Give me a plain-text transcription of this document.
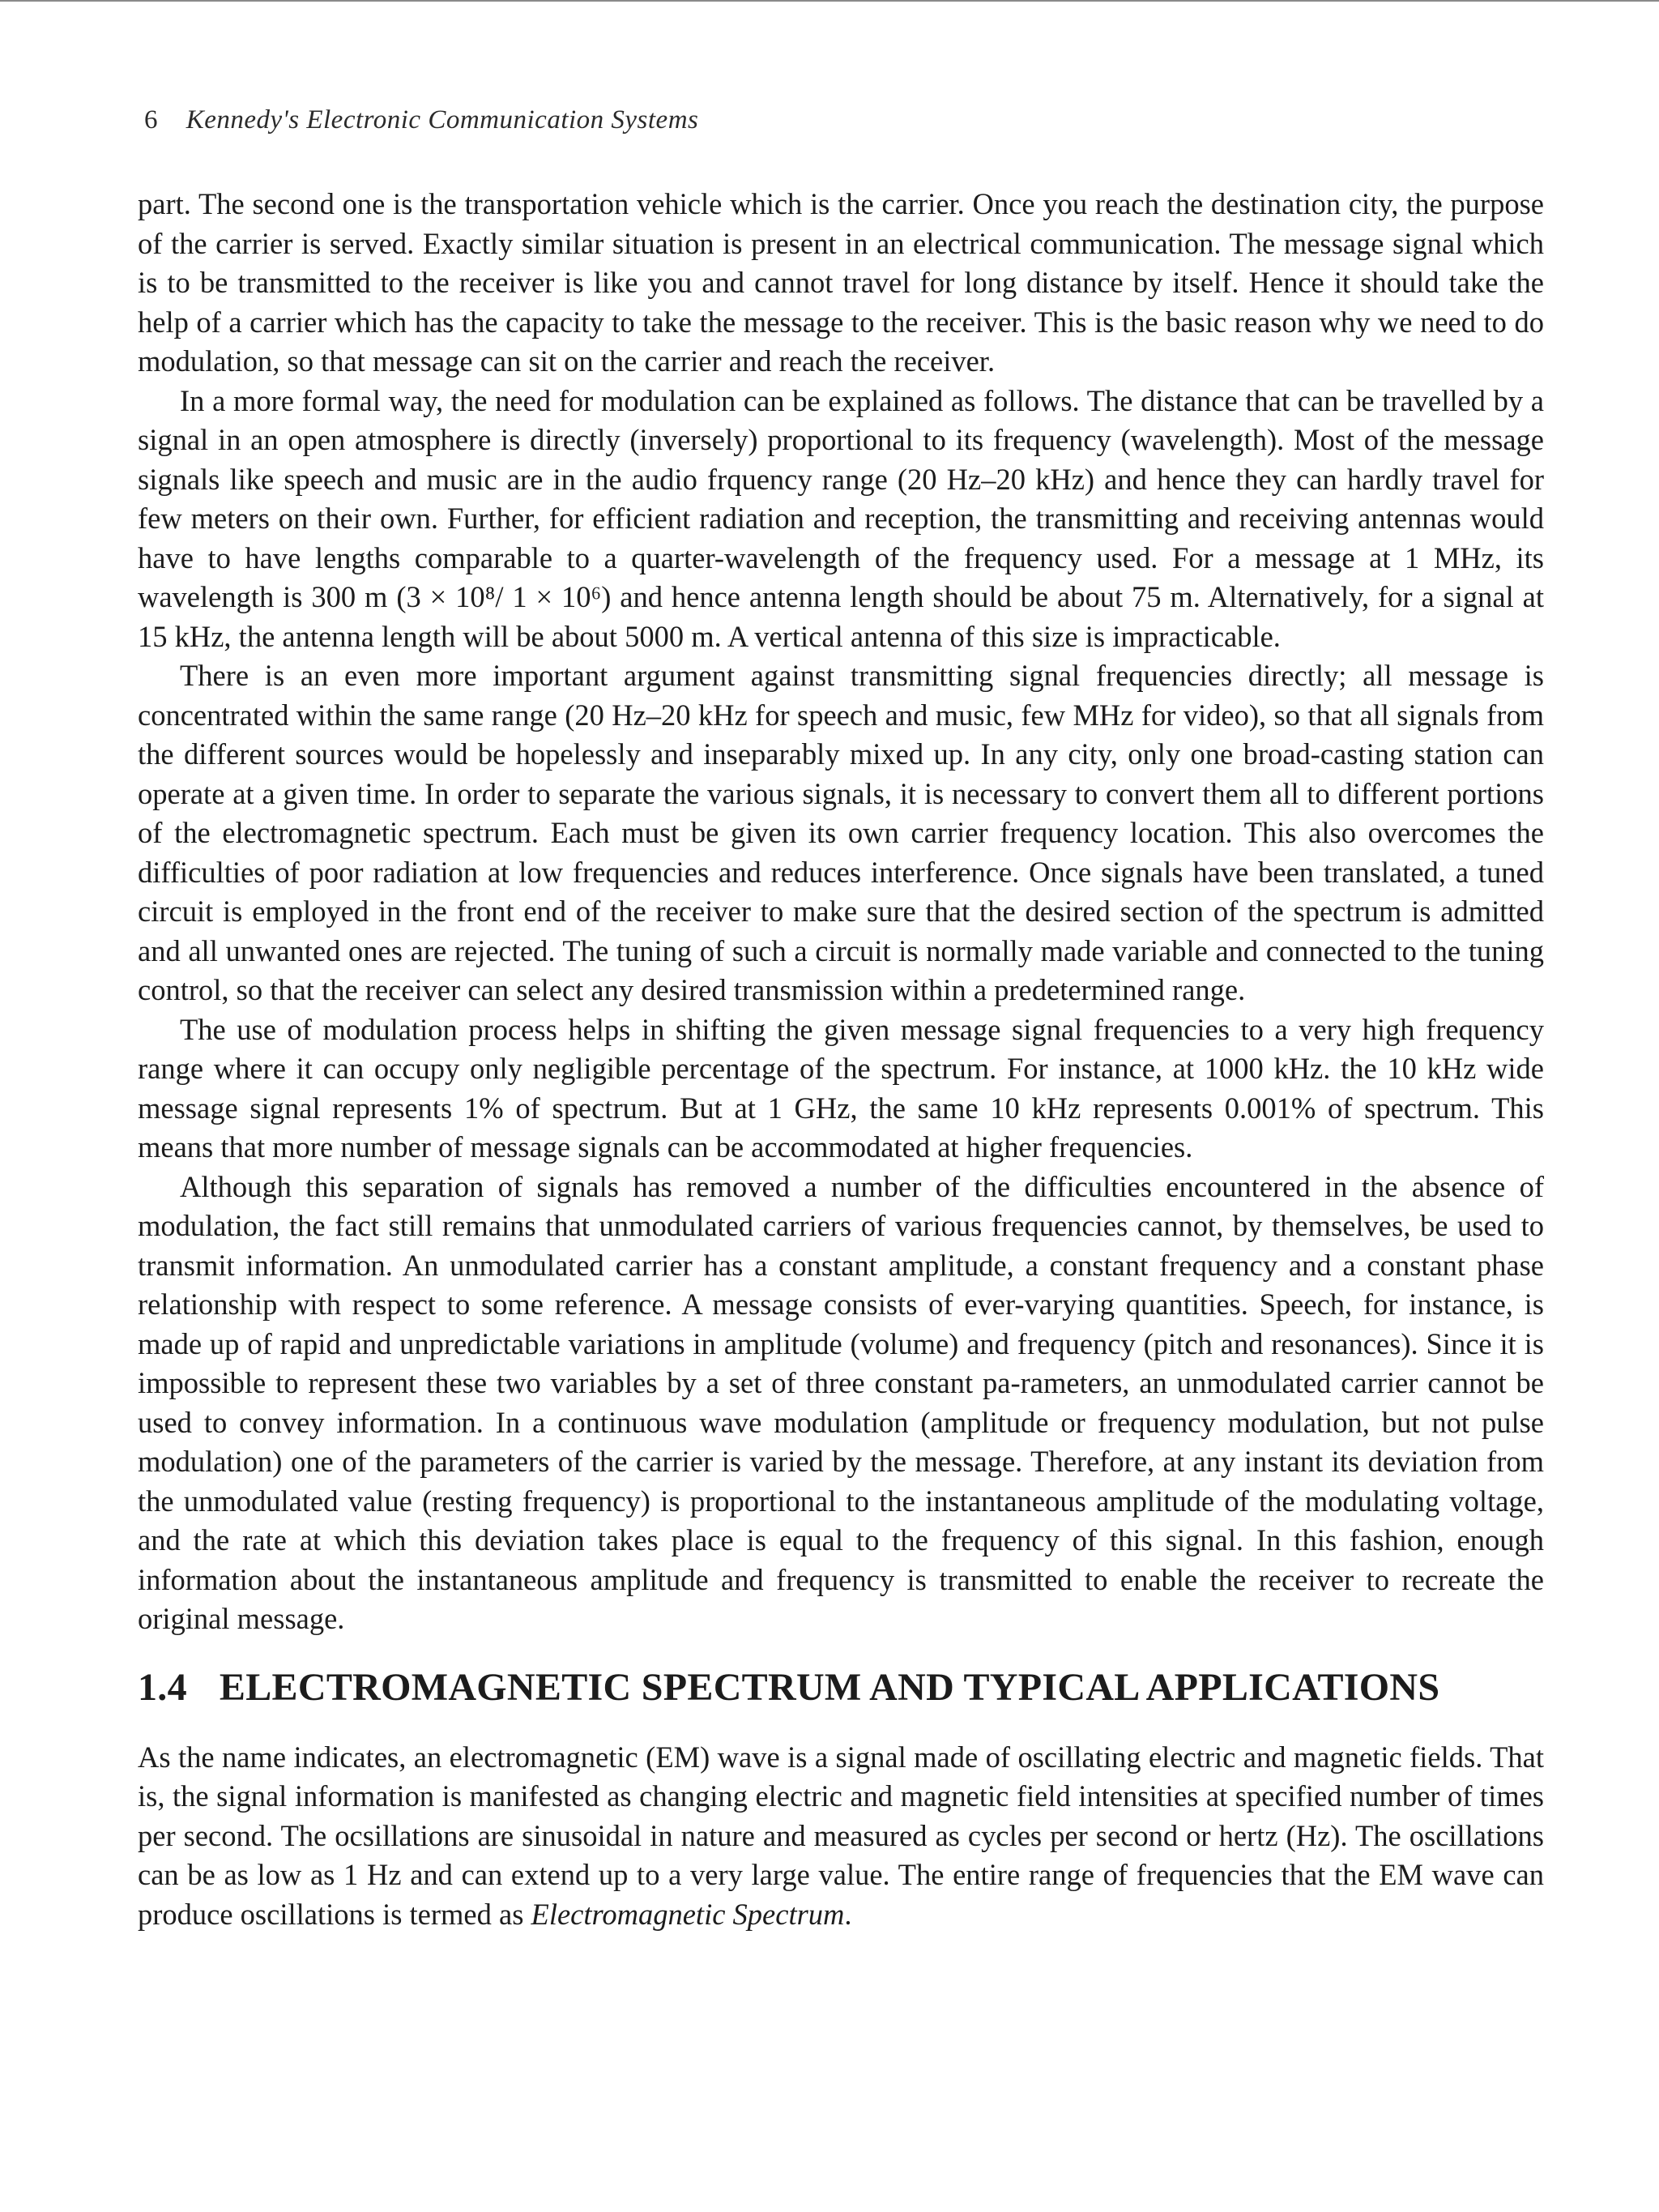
6 Kennedy's Electronic Communication Systems

part. The second one is the transportation vehicle which is the carrier. Once you reach the destination city, the purpose of the carrier is served. Exactly similar situation is present in an electrical communication. The message signal which is to be transmitted to the receiver is like you and cannot travel for long distance by itself. Hence it should take the help of a carrier which has the capacity to take the message to the receiver. This is the basic reason why we need to do modulation, so that message can sit on the carrier and reach the receiver.

In a more formal way, the need for modulation can be explained as follows. The distance that can be travelled by a signal in an open atmosphere is directly (inversely) proportional to its frequency (wavelength). Most of the message signals like speech and music are in the audio frquency range (20 Hz–20 kHz) and hence they can hardly travel for few meters on their own. Further, for efficient radiation and reception, the transmitting and receiving antennas would have to have lengths comparable to a quarter-wavelength of the frequency used. For a message at 1 MHz, its wavelength is 300 m (3 × 10⁸/ 1 × 10⁶) and hence antenna length should be about 75 m. Alternatively, for a signal at 15 kHz, the antenna length will be about 5000 m. A vertical antenna of this size is impracticable.

There is an even more important argument against transmitting signal frequencies directly; all message is concentrated within the same range (20 Hz–20 kHz for speech and music, few MHz for video), so that all signals from the different sources would be hopelessly and inseparably mixed up. In any city, only one broad-casting station can operate at a given time. In order to separate the various signals, it is necessary to convert them all to different portions of the electromagnetic spectrum. Each must be given its own carrier frequency location. This also overcomes the difficulties of poor radiation at low frequencies and reduces interference. Once signals have been translated, a tuned circuit is employed in the front end of the receiver to make sure that the desired section of the spectrum is admitted and all unwanted ones are rejected. The tuning of such a circuit is normally made variable and connected to the tuning control, so that the receiver can select any desired transmission within a predetermined range.

The use of modulation process helps in shifting the given message signal frequencies to a very high frequency range where it can occupy only negligible percentage of the spectrum. For instance, at 1000 kHz. the 10 kHz wide message signal represents 1% of spectrum. But at 1 GHz, the same 10 kHz represents 0.001% of spectrum. This means that more number of message signals can be accommodated at higher frequencies.

Although this separation of signals has removed a number of the difficulties encountered in the absence of modulation, the fact still remains that unmodulated carriers of various frequencies cannot, by themselves, be used to transmit information. An unmodulated carrier has a constant amplitude, a constant frequency and a constant phase relationship with respect to some reference. A message consists of ever-varying quantities. Speech, for instance, is made up of rapid and unpredictable variations in amplitude (volume) and frequency (pitch and resonances). Since it is impossible to represent these two variables by a set of three constant pa-rameters, an unmodulated carrier cannot be used to convey information. In a continuous wave modulation (amplitude or frequency modulation, but not pulse modulation) one of the parameters of the carrier is varied by the message. Therefore, at any instant its deviation from the unmodulated value (resting frequency) is proportional to the instantaneous amplitude of the modulating voltage, and the rate at which this deviation takes place is equal to the frequency of this signal. In this fashion, enough information about the instantaneous amplitude and frequency is transmitted to enable the receiver to recreate the original message.

1.4 ELECTROMAGNETIC SPECTRUM AND TYPICAL APPLICATIONS

As the name indicates, an electromagnetic (EM) wave is a signal made of oscillating electric and magnetic fields. That is, the signal information is manifested as changing electric and magnetic field intensities at specified number of times per second. The ocsillations are sinusoidal in nature and measured as cycles per second or hertz (Hz). The oscillations can be as low as 1 Hz and can extend up to a very large value. The entire range of frequencies that the EM wave can produce oscillations is termed as Electromagnetic Spectrum.
